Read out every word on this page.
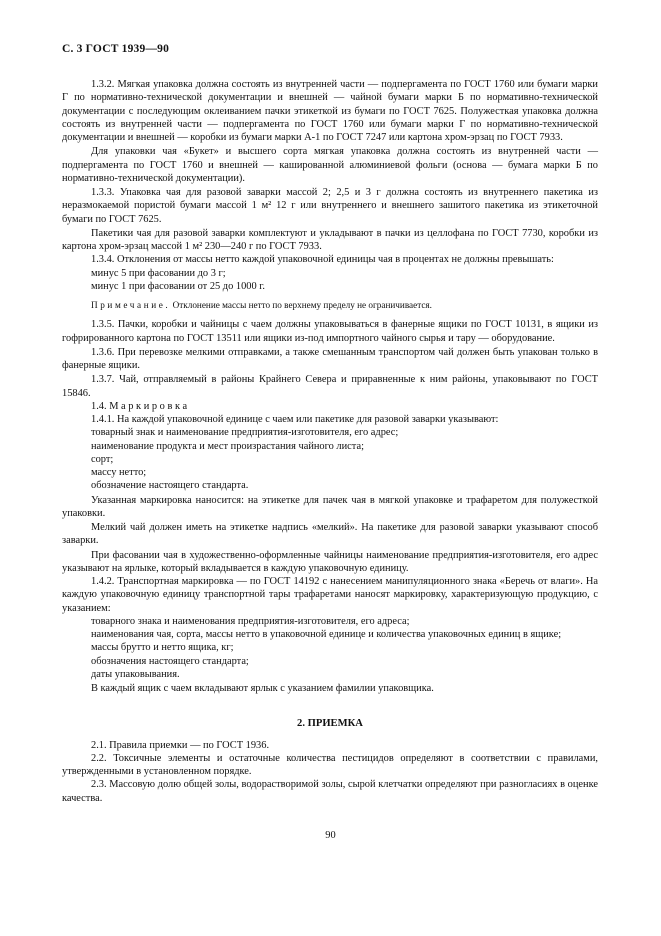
С. 3 ГОСТ 1939—90

1.3.2. Мягкая упаковка должна состоять из внутренней части — подпергамента по ГОСТ 1760 или бумаги марки Г по нормативно-технической документации и внешней — чайной бумаги марки Б по нормативно-технической документации с последующим оклеиванием пачки этикеткой из бумаги по ГОСТ 7625. Полужесткая упаковка должна состоять из внутренней части — подпергамента по ГОСТ 1760 или бумаги марки Г по нормативно-технической документации и внешней — коробки из бумаги марки А-1 по ГОСТ 7247 или картона хром-эрзац по ГОСТ 7933.

Для упаковки чая «Букет» и высшего сорта мягкая упаковка должна состоять из внутренней части — подпергамента по ГОСТ 1760 и внешней — кашированной алюминиевой фольги (основа — бумага марки Б по нормативно-технической документации).

1.3.3. Упаковка чая для разовой заварки массой 2; 2,5 и 3 г должна состоять из внутреннего пакетика из неразмокаемой пористой бумаги массой 1 м² 12 г или внутреннего и внешнего зашитого пакетика из этикеточной бумаги по ГОСТ 7625.

Пакетики чая для разовой заварки комплектуют и укладывают в пачки из целлофана по ГОСТ 7730, коробки из картона хром-эрзац массой 1 м² 230—240 г по ГОСТ 7933.

1.3.4. Отклонения от массы нетто каждой упаковочной единицы чая в процентах не должны превышать:

минус 5 при фасовании до 3 г;

минус 1 при фасовании от 25 до 1000 г.

Примечание. Отклонение массы нетто по верхнему пределу не ограничивается.

1.3.5. Пачки, коробки и чайницы с чаем должны упаковываться в фанерные ящики по ГОСТ 10131, в ящики из гофрированного картона по ГОСТ 13511 или ящики из-под импортного чайного сырья и тару — оборудование.

1.3.6. При перевозке мелкими отправками, а также смешанным транспортом чай должен быть упакован только в фанерные ящики.

1.3.7. Чай, отправляемый в районы Крайнего Севера и приравненные к ним районы, упаковывают по ГОСТ 15846.

1.4. Маркировка

1.4.1. На каждой упаковочной единице с чаем или пакетике для разовой заварки указывают:

товарный знак и наименование предприятия-изготовителя, его адрес;

наименование продукта и мест произрастания чайного листа;

сорт;

массу нетто;

обозначение настоящего стандарта.

Указанная маркировка наносится: на этикетке для пачек чая в мягкой упаковке и трафаретом для полужесткой упаковки.

Мелкий чай должен иметь на этикетке надпись «мелкий». На пакетике для разовой заварки указывают способ заварки.

При фасовании чая в художественно-оформленные чайницы наименование предприятия-изготовителя, его адрес указывают на ярлыке, который вкладывается в каждую упаковочную единицу.

1.4.2. Транспортная маркировка — по ГОСТ 14192 с нанесением манипуляционного знака «Беречь от влаги». На каждую упаковочную единицу транспортной тары трафаретами наносят маркировку, характеризующую продукцию, с указанием:

товарного знака и наименования предприятия-изготовителя, его адреса;

наименования чая, сорта, массы нетто в упаковочной единице и количества упаковочных единиц в ящике;

массы брутто и нетто ящика, кг;

обозначения настоящего стандарта;

даты упаковывания.

В каждый ящик с чаем вкладывают ярлык с указанием фамилии упаковщика.

2. ПРИЕМКА

2.1. Правила приемки — по ГОСТ 1936.

2.2. Токсичные элементы и остаточные количества пестицидов определяют в соответствии с правилами, утвержденными в установленном порядке.

2.3. Массовую долю общей золы, водорастворимой золы, сырой клетчатки определяют при разногласиях в оценке качества.

90
